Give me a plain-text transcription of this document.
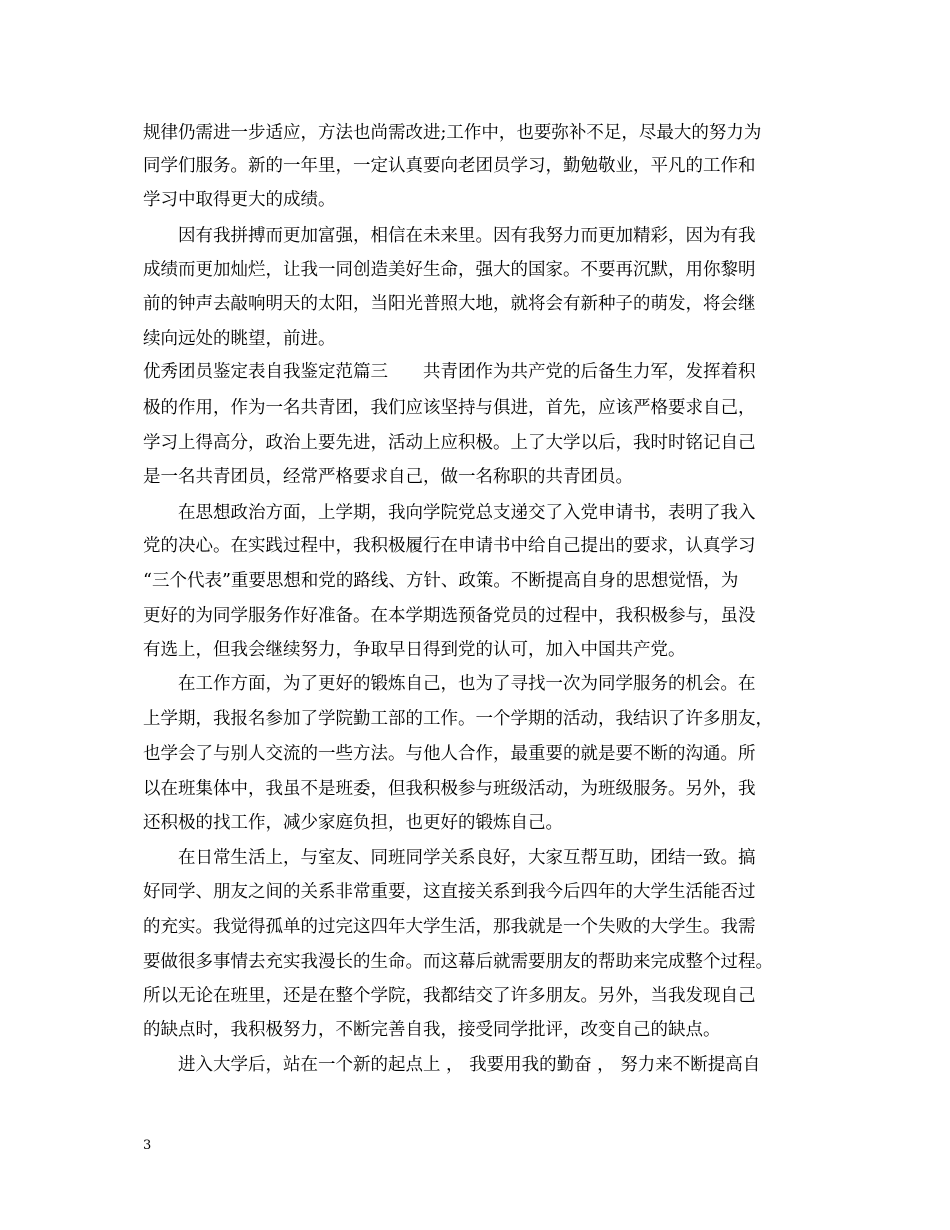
规律仍需进一步适应，方法也尚需改进;工作中，也要弥补不足，尽最大的努力为
同学们服务。新的一年里，一定认真要向老团员学习，勤勉敬业，平凡的工作和
学习中取得更大的成绩。
　　因有我拼搏而更加富强，相信在未来里。因有我努力而更加精彩，因为有我
成绩而更加灿烂，让我一同创造美好生命，强大的国家。不要再沉默，用你黎明
前的钟声去敲响明天的太阳，当阳光普照大地，就将会有新种子的萌发，将会继
续向远处的眺望，前进。
优秀团员鉴定表自我鉴定范篇三　　共青团作为共产党的后备生力军，发挥着积
极的作用，作为一名共青团，我们应该坚持与俱进，首先，应该严格要求自己，
学习上得高分，政治上要先进，活动上应积极。上了大学以后，我时时铭记自己
是一名共青团员，经常严格要求自己，做一名称职的共青团员。
　　在思想政治方面，上学期，我向学院党总支递交了入党申请书，表明了我入
党的决心。在实践过程中，我积极履行在申请书中给自己提出的要求，认真学习
“三个代表”重要思想和党的路线、方针、政策。不断提高自身的思想觉悟，为
更好的为同学服务作好准备。在本学期选预备党员的过程中，我积极参与，虽没
有选上，但我会继续努力，争取早日得到党的认可，加入中国共产党。
　　在工作方面，为了更好的锻炼自己，也为了寻找一次为同学服务的机会。在
上学期，我报名参加了学院勤工部的工作。一个学期的活动，我结识了许多朋友，
也学会了与别人交流的一些方法。与他人合作，最重要的就是要不断的沟通。所
以在班集体中，我虽不是班委，但我积极参与班级活动，为班级服务。另外，我
还积极的找工作，减少家庭负担，也更好的锻炼自己。
　　在日常生活上，与室友、同班同学关系良好，大家互帮互助，团结一致。搞
好同学、朋友之间的关系非常重要，这直接关系到我今后四年的大学生活能否过
的充实。我觉得孤单的过完这四年大学生活，那我就是一个失败的大学生。我需
要做很多事情去充实我漫长的生命。而这幕后就需要朋友的帮助来完成整个过程。
所以无论在班里，还是在整个学院，我都结交了许多朋友。另外，当我发现自己
的缺点时，我积极努力，不断完善自我，接受同学批评，改变自己的缺点。
　　进入大学后，站在一个新的起点上 ， 我要用我的勤奋 ， 努力来不断提高自
3
